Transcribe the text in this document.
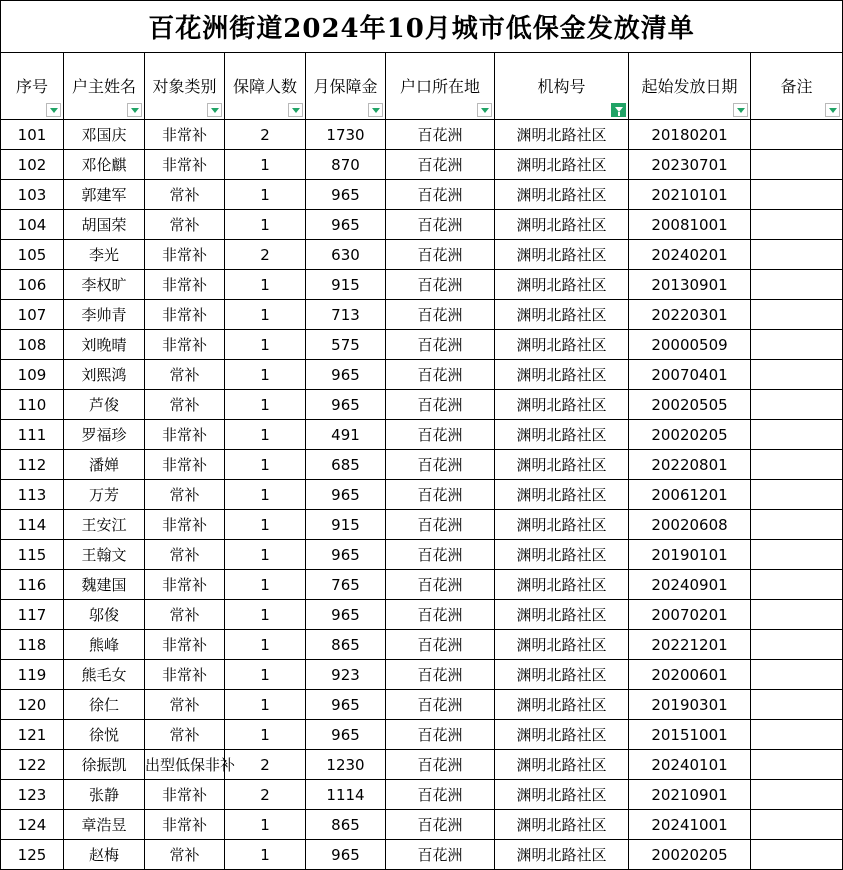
百花洲街道2024年10月城市低保金发放清单								

序号	户主姓名	对象类别	保障人数	月保障金	户口所在地	机构号	起始发放日期	备注

101	邓国庆	非常补	2	1730	百花洲	渊明北路社区	20180201	
102	邓伦麒	非常补	1	870	百花洲	渊明北路社区	20230701	
103	郭建军	常补	1	965	百花洲	渊明北路社区	20210101	
104	胡国荣	常补	1	965	百花洲	渊明北路社区	20081001	
105	李光	非常补	2	630	百花洲	渊明北路社区	20240201	
106	李权旷	非常补	1	915	百花洲	渊明北路社区	20130901	
107	李帅青	非常补	1	713	百花洲	渊明北路社区	20220301	
108	刘晚晴	非常补	1	575	百花洲	渊明北路社区	20000509	
109	刘熙鸿	常补	1	965	百花洲	渊明北路社区	20070401	
110	芦俊	常补	1	965	百花洲	渊明北路社区	20020505	
111	罗福珍	非常补	1	491	百花洲	渊明北路社区	20020205	
112	潘婵	非常补	1	685	百花洲	渊明北路社区	20220801	
113	万芳	常补	1	965	百花洲	渊明北路社区	20061201	
114	王安江	非常补	1	915	百花洲	渊明北路社区	20020608	
115	王翰文	常补	1	965	百花洲	渊明北路社区	20190101	
116	魏建国	非常补	1	765	百花洲	渊明北路社区	20240901	
117	邬俊	常补	1	965	百花洲	渊明北路社区	20070201	
118	熊峰	非常补	1	865	百花洲	渊明北路社区	20221201	
119	熊毛女	非常补	1	923	百花洲	渊明北路社区	20200601	
120	徐仁	常补	1	965	百花洲	渊明北路社区	20190301	
121	徐悦	常补	1	965	百花洲	渊明北路社区	20151001	
122	徐振凯	出型低保非补	2	1230	百花洲	渊明北路社区	20240101	
123	张静	非常补	2	1114	百花洲	渊明北路社区	20210901	
124	章浩昱	非常补	1	865	百花洲	渊明北路社区	20241001	
125	赵梅	常补	1	965	百花洲	渊明北路社区	20020205	
